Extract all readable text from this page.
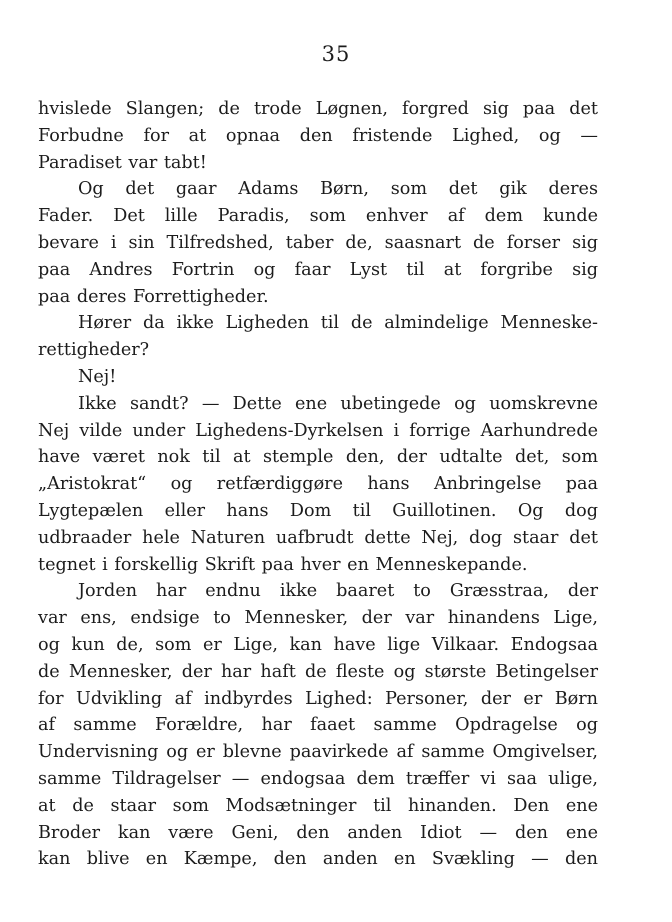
35
hvislede Slangen; de trode Løgnen, forgred sig paa det
Forbudne for at opnaa den fristende Lighed, og —
Paradiset var tabt!
Og det gaar Adams Børn, som det gik deres
Fader. Det lille Paradis, som enhver af dem kunde
bevare i sin Tilfredshed, taber de, saasnart de forser sig
paa Andres Fortrin og faar Lyst til at forgribe sig
paa deres Forrettigheder.
Hører da ikke Ligheden til de almindelige Menneske-
rettigheder?
Nej!
Ikke sandt? — Dette ene ubetingede og uomskrevne
Nej vilde under Lighedens-Dyrkelsen i forrige Aarhundrede
have været nok til at stemple den, der udtalte det, som
„Aristokrat“ og retfærdiggøre hans Anbringelse paa
Lygtepælen eller hans Dom til Guillotinen. Og dog
udbraader hele Naturen uafbrudt dette Nej, dog staar det
tegnet i forskellig Skrift paa hver en Menneskepande.
Jorden har endnu ikke baaret to Græsstraa, der
var ens, endsige to Mennesker, der var hinandens Lige,
og kun de, som er Lige, kan have lige Vilkaar. Endogsaa
de Mennesker, der har haft de fleste og største Betingelser
for Udvikling af indbyrdes Lighed: Personer, der er Børn
af samme Forældre, har faaet samme Opdragelse og
Undervisning og er blevne paavirkede af samme Omgivelser,
samme Tildragelser — endogsaa dem træffer vi saa ulige,
at de staar som Modsætninger til hinanden. Den ene
Broder kan være Geni, den anden Idiot — den ene
kan blive en Kæmpe, den anden en Svækling — den
